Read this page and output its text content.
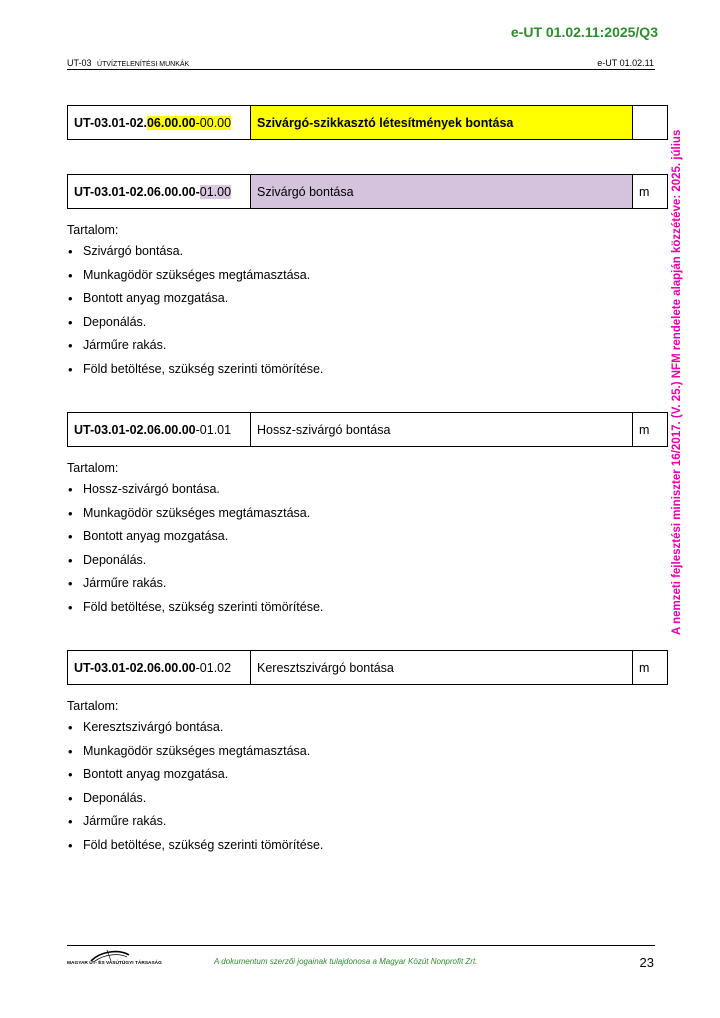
e-UT 01.02.11:2025/Q3
UT-03 ÚTVÍZTELENÍTÉSI MUNKÁK	e-UT 01.02.11
A nemzeti fejlesztési miniszter 16/2017. (V. 25.) NFM rendelete alapján közzétéve: 2025. július
UT-03.01-02.06.00.00-00.00	Szivárgó-szikkasztó létesítmények bontása	
UT-03.01-02.06.00.00-01.00	Szivárgó bontása	m
Tartalom:
• Szivárgó bontása.
• Munkagödör szükséges megtámasztása.
• Bontott anyag mozgatása.
• Deponálás.
• Járműre rakás.
• Föld betöltése, szükség szerinti tömörítése.
UT-03.01-02.06.00.00-01.01	Hossz-szivárgó bontása	m
Tartalom:
• Hossz-szivárgó bontása.
• Munkagödör szükséges megtámasztása.
• Bontott anyag mozgatása.
• Deponálás.
• Járműre rakás.
• Föld betöltése, szükség szerinti tömörítése.
UT-03.01-02.06.00.00-01.02	Keresztszivárgó bontása	m
Tartalom:
• Keresztszivárgó bontása.
• Munkagödör szükséges megtámasztása.
• Bontott anyag mozgatása.
• Deponálás.
• Járműre rakás.
• Föld betöltése, szükség szerinti tömörítése.
MAGYAR ÚT- ÉS VASÚTÜGYI TÁRSASÁG	A dokumentum szerzői jogainak tulajdonosa a Magyar Közút Nonprofit Zrt.	23
